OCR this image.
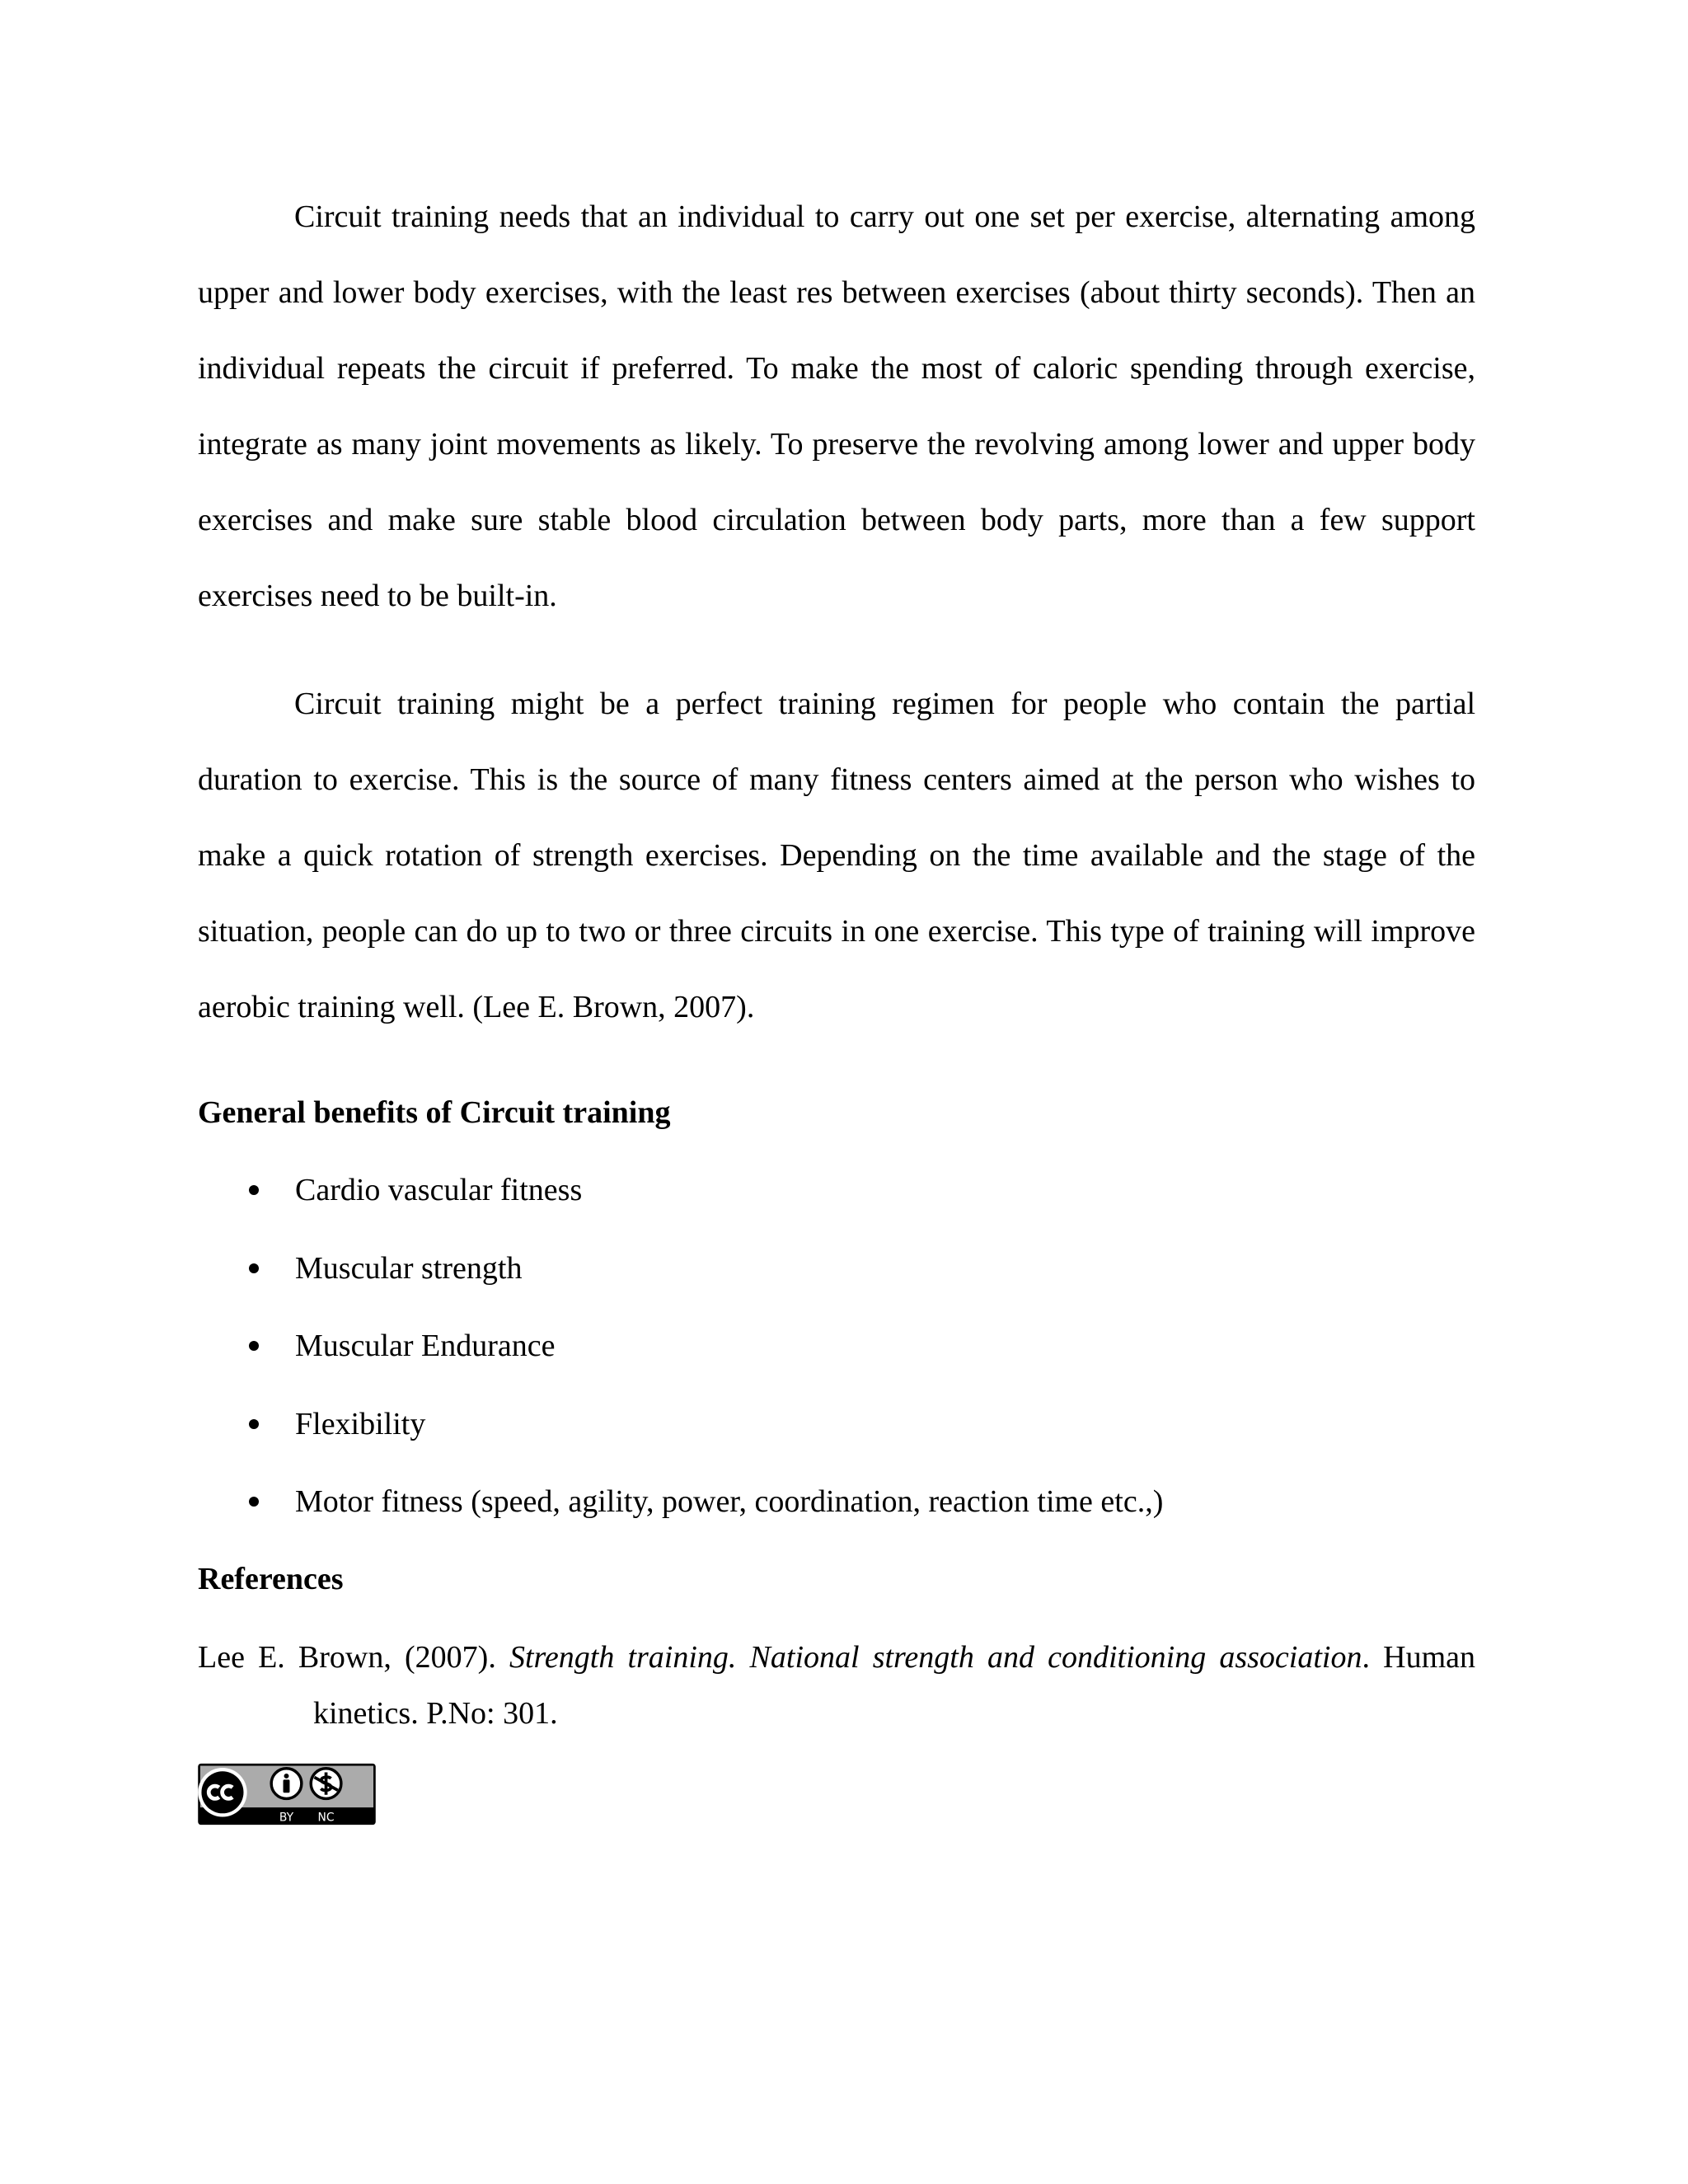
Circuit training needs that an individual to carry out one set per exercise, alternating among upper and lower body exercises, with the least res between exercises (about thirty seconds). Then an individual repeats the circuit if preferred. To make the most of caloric spending through exercise, integrate as many joint movements as likely. To preserve the revolving among lower and upper body exercises and make sure stable blood circulation between body parts, more than a few support exercises need to be built-in.

Circuit training might be a perfect training regimen for people who contain the partial duration to exercise. This is the source of many fitness centers aimed at the person who wishes to make a quick rotation of strength exercises. Depending on the time available and the stage of the situation, people can do up to two or three circuits in one exercise. This type of training will improve aerobic training well. (Lee E. Brown, 2007).

General benefits of Circuit training
Cardio vascular fitness
Muscular strength
Muscular Endurance
Flexibility
Motor fitness (speed, agility, power, coordination, reaction time etc.,)
References

Lee E. Brown, (2007). Strength training. National strength and conditioning association. Human kinetics. P.No: 301.

BY	NC
